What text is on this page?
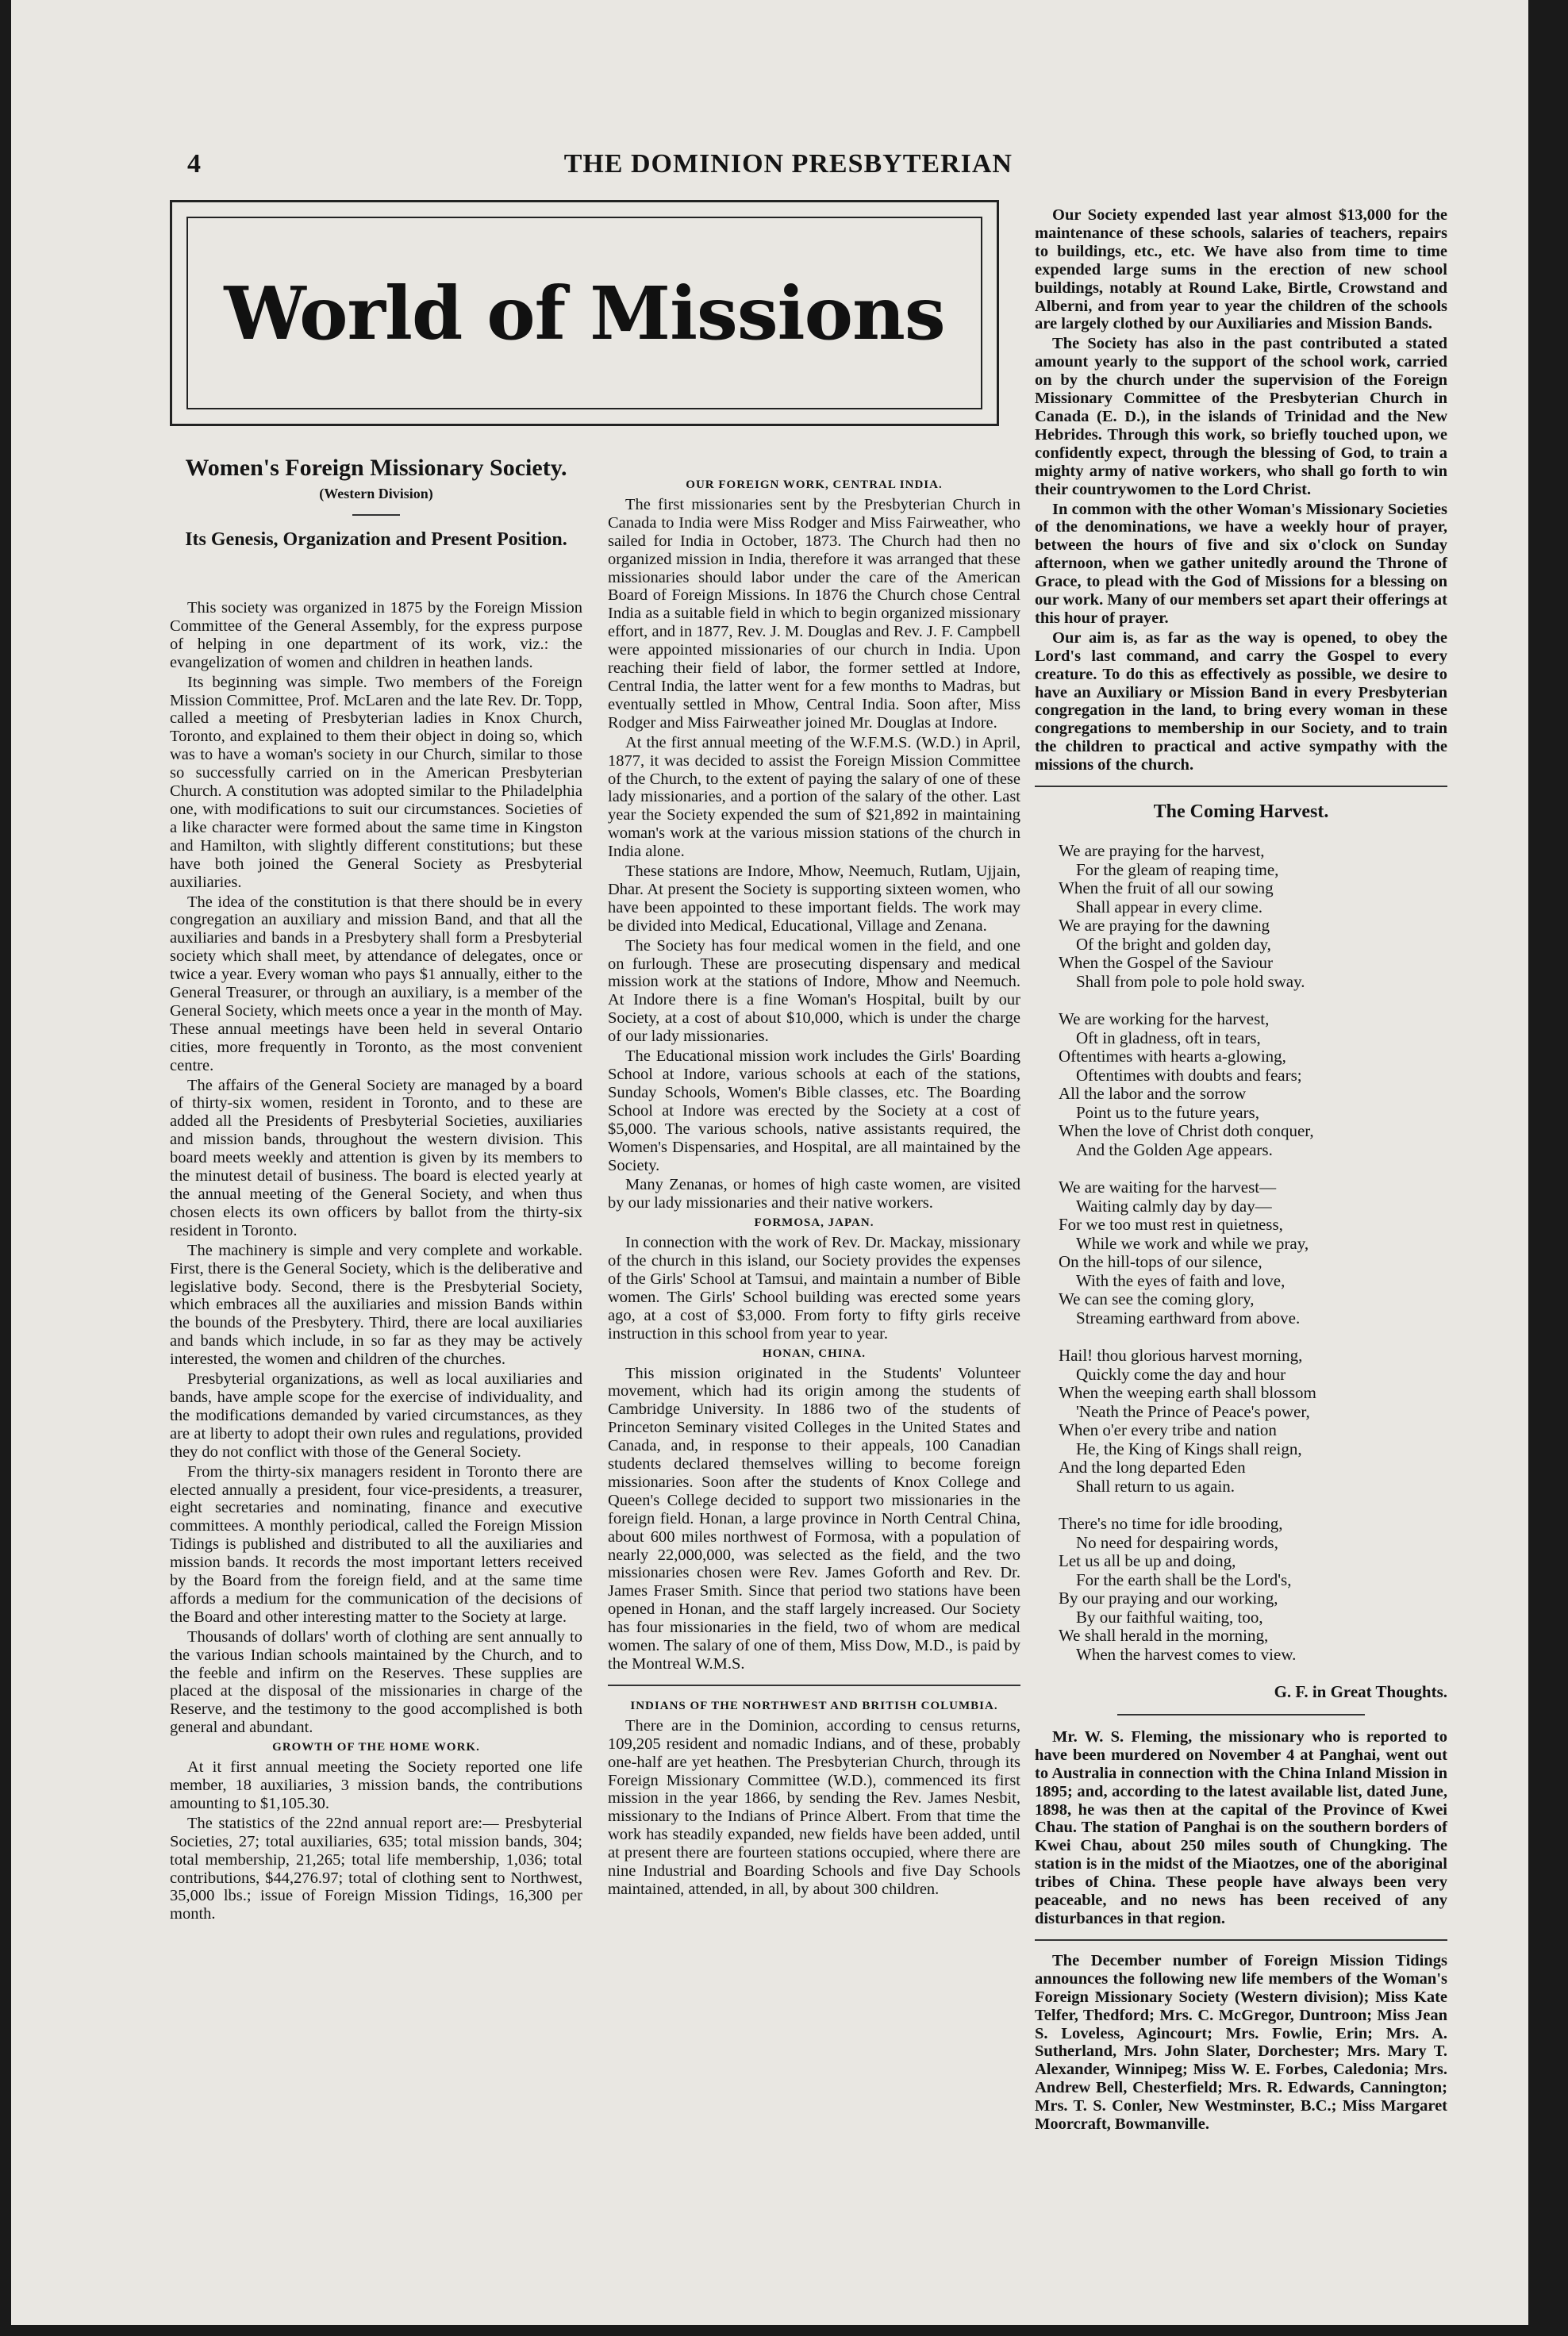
4	THE DOMINION PRESBYTERIAN
World of Missions
Women's Foreign Missionary Society.
(Western Division)
Its Genesis, Organization and Present Position.

This society was organized in 1875 by the Foreign Mission Committee of the General Assembly, for the express purpose of helping in one department of its work, viz.: the evangelization of women and children in heathen lands.

Its beginning was simple. Two members of the Foreign Mission Committee, Prof. McLaren and the late Rev. Dr. Topp, called a meeting of Presbyterian ladies in Knox Church, Toronto, and explained to them their object in doing so, which was to have a woman's society in our Church, similar to those so successfully carried on in the American Presbyterian Church. A constitution was adopted similar to the Philadelphia one, with modifications to suit our circumstances. Societies of a like character were formed about the same time in Kingston and Hamilton, with slightly different constitutions; but these have both joined the General Society as Presbyterial auxiliaries.

The idea of the constitution is that there should be in every congregation an auxiliary and mission Band, and that all the auxiliaries and bands in a Presbytery shall form a Presbyterial society which shall meet, by attendance of delegates, once or twice a year. Every woman who pays $1 annually, either to the General Treasurer, or through an auxiliary, is a member of the General Society, which meets once a year in the month of May. These annual meetings have been held in several Ontario cities, more frequently in Toronto, as the most convenient centre.

The affairs of the General Society are managed by a board of thirty-six women, resident in Toronto, and to these are added all the Presidents of Presbyterial Societies, auxiliaries and mission bands, throughout the western division. This board meets weekly and attention is given by its members to the minutest detail of business. The board is elected yearly at the annual meeting of the General Society, and when thus chosen elects its own officers by ballot from the thirty-six resident in Toronto.

The machinery is simple and very complete and workable. First, there is the General Society, which is the deliberative and legislative body. Second, there is the Presbyterial Society, which embraces all the auxiliaries and mission Bands within the bounds of the Presbytery. Third, there are local auxiliaries and bands which include, in so far as they may be actively interested, the women and children of the churches.

Presbyterial organizations, as well as local auxiliaries and bands, have ample scope for the exercise of individuality, and the modifications demanded by varied circumstances, as they are at liberty to adopt their own rules and regulations, provided they do not conflict with those of the General Society.

From the thirty-six managers resident in Toronto there are elected annually a president, four vice-presidents, a treasurer, eight secretaries and nominating, finance and executive committees. A monthly periodical, called the Foreign Mission Tidings is published and distributed to all the auxiliaries and mission bands. It records the most important letters received by the Board from the foreign field, and at the same time affords a medium for the communication of the decisions of the Board and other interesting matter to the Society at large.

Thousands of dollars' worth of clothing are sent annually to the various Indian schools maintained by the Church, and to the feeble and infirm on the Reserves. These supplies are placed at the disposal of the missionaries in charge of the Reserve, and the testimony to the good accomplished is both general and abundant.

GROWTH OF THE HOME WORK.

At it first annual meeting the Society reported one life member, 18 auxiliaries, 3 mission bands, the contributions amounting to $1,105.30.

The statistics of the 22nd annual report are:— Presbyterial Societies, 27; total auxiliaries, 635; total mission bands, 304; total membership, 21,265; total life membership, 1,036; total contributions, $44,276.97; total of clothing sent to Northwest, 35,000 lbs.; issue of Foreign Mission Tidings, 16,300 per month.

OUR FOREIGN WORK, CENTRAL INDIA.

The first missionaries sent by the Presbyterian Church in Canada to India were Miss Rodger and Miss Fairweather, who sailed for India in October, 1873. The Church had then no organized mission in India, therefore it was arranged that these missionaries should labor under the care of the American Board of Foreign Missions. In 1876 the Church chose Central India as a suitable field in which to begin organized missionary effort, and in 1877, Rev. J. M. Douglas and Rev. J. F. Campbell were appointed missionaries of our church in India. Upon reaching their field of labor, the former settled at Indore, Central India, the latter went for a few months to Madras, but eventually settled in Mhow, Central India. Soon after, Miss Rodger and Miss Fairweather joined Mr. Douglas at Indore.

At the first annual meeting of the W.F.M.S. (W.D.) in April, 1877, it was decided to assist the Foreign Mission Committee of the Church, to the extent of paying the salary of one of these lady missionaries, and a portion of the salary of the other. Last year the Society expended the sum of $21,892 in maintaining woman's work at the various mission stations of the church in India alone.

These stations are Indore, Mhow, Neemuch, Rutlam, Ujjain, Dhar. At present the Society is supporting sixteen women, who have been appointed to these important fields. The work may be divided into Medical, Educational, Village and Zenana.

The Society has four medical women in the field, and one on furlough. These are prosecuting dispensary and medical mission work at the stations of Indore, Mhow and Neemuch. At Indore there is a fine Woman's Hospital, built by our Society, at a cost of about $10,000, which is under the charge of our lady missionaries.

The Educational mission work includes the Girls' Boarding School at Indore, various schools at each of the stations, Sunday Schools, Women's Bible classes, etc. The Boarding School at Indore was erected by the Society at a cost of $5,000. The various schools, native assistants required, the Women's Dispensaries, and Hospital, are all maintained by the Society.

Many Zenanas, or homes of high caste women, are visited by our lady missionaries and their native workers.

FORMOSA, JAPAN.

In connection with the work of Rev. Dr. Mackay, missionary of the church in this island, our Society provides the expenses of the Girls' School at Tamsui, and maintain a number of Bible women. The Girls' School building was erected some years ago, at a cost of $3,000. From forty to fifty girls receive instruction in this school from year to year.

HONAN, CHINA.

This mission originated in the Students' Volunteer movement, which had its origin among the students of Cambridge University. In 1886 two of the students of Princeton Seminary visited Colleges in the United States and Canada, and, in response to their appeals, 100 Canadian students declared themselves willing to become foreign missionaries. Soon after the students of Knox College and Queen's College decided to support two missionaries in the foreign field. Honan, a large province in North Central China, about 600 miles northwest of Formosa, with a population of nearly 22,000,000, was selected as the field, and the two missionaries chosen were Rev. James Goforth and Rev. Dr. James Fraser Smith. Since that period two stations have been opened in Honan, and the staff largely increased. Our Society has four missionaries in the field, two of whom are medical women. The salary of one of them, Miss Dow, M.D., is paid by the Montreal W.M.S.

INDIANS OF THE NORTHWEST AND BRITISH COLUMBIA.

There are in the Dominion, according to census returns, 109,205 resident and nomadic Indians, and of these, probably one-half are yet heathen. The Presbyterian Church, through its Foreign Missionary Committee (W.D.), commenced its first mission in the year 1866, by sending the Rev. James Nesbit, missionary to the Indians of Prince Albert. From that time the work has steadily expanded, new fields have been added, until at present there are fourteen stations occupied, where there are nine Industrial and Boarding Schools and five Day Schools maintained, attended, in all, by about 300 children.

Our Society expended last year almost $13,000 for the maintenance of these schools, salaries of teachers, repairs to buildings, etc., etc. We have also from time to time expended large sums in the erection of new school buildings, notably at Round Lake, Birtle, Crowstand and Alberni, and from year to year the children of the schools are largely clothed by our Auxiliaries and Mission Bands.

The Society has also in the past contributed a stated amount yearly to the support of the school work, carried on by the church under the supervision of the Foreign Missionary Committee of the Presbyterian Church in Canada (E. D.), in the islands of Trinidad and the New Hebrides. Through this work, so briefly touched upon, we confidently expect, through the blessing of God, to train a mighty army of native workers, who shall go forth to win their countrywomen to the Lord Christ.

In common with the other Woman's Missionary Societies of the denominations, we have a weekly hour of prayer, between the hours of five and six o'clock on Sunday afternoon, when we gather unitedly around the Throne of Grace, to plead with the God of Missions for a blessing on our work. Many of our members set apart their offerings at this hour of prayer.

Our aim is, as far as the way is opened, to obey the Lord's last command, and carry the Gospel to every creature. To do this as effectively as possible, we desire to have an Auxiliary or Mission Band in every Presbyterian congregation in the land, to bring every woman in these congregations to membership in our Society, and to train the children to practical and active sympathy with the missions of the church.

The Coming Harvest.
We are praying for the harvest,
For the gleam of reaping time,
When the fruit of all our sowing
Shall appear in every clime.
We are praying for the dawning
Of the bright and golden day,
When the Gospel of the Saviour
Shall from pole to pole hold sway.
We are working for the harvest,
Oft in gladness, oft in tears,
Oftentimes with hearts a-glowing,
Oftentimes with doubts and fears;
All the labor and the sorrow
Point us to the future years,
When the love of Christ doth conquer,
And the Golden Age appears.
We are waiting for the harvest—
Waiting calmly day by day—
For we too must rest in quietness,
While we work and while we pray,
On the hill-tops of our silence,
With the eyes of faith and love,
We can see the coming glory,
Streaming earthward from above.
Hail! thou glorious harvest morning,
Quickly come the day and hour
When the weeping earth shall blossom
'Neath the Prince of Peace's power,
When o'er every tribe and nation
He, the King of Kings shall reign,
And the long departed Eden
Shall return to us again.
There's no time for idle brooding,
No need for despairing words,
Let us all be up and doing,
For the earth shall be the Lord's,
By our praying and our working,
By our faithful waiting, too,
We shall herald in the morning,
When the harvest comes to view.
G. F. in Great Thoughts.

Mr. W. S. Fleming, the missionary who is reported to have been murdered on November 4 at Panghai, went out to Australia in connection with the China Inland Mission in 1895; and, according to the latest available list, dated June, 1898, he was then at the capital of the Province of Kwei Chau. The station of Panghai is on the southern borders of Kwei Chau, about 250 miles south of Chungking. The station is in the midst of the Miaotzes, one of the aboriginal tribes of China. These people have always been very peaceable, and no news has been received of any disturbances in that region.

The December number of Foreign Mission Tidings announces the following new life members of the Woman's Foreign Missionary Society (Western division); Miss Kate Telfer, Thedford; Mrs. C. McGregor, Duntroon; Miss Jean S. Loveless, Agincourt; Mrs. Fowlie, Erin; Mrs. A. Sutherland, Mrs. John Slater, Dorchester; Mrs. Mary T. Alexander, Winnipeg; Miss W. E. Forbes, Caledonia; Mrs. Andrew Bell, Chesterfield; Mrs. R. Edwards, Cannington; Mrs. T. S. Conler, New Westminster, B.C.; Miss Margaret Moorcraft, Bowmanville.
